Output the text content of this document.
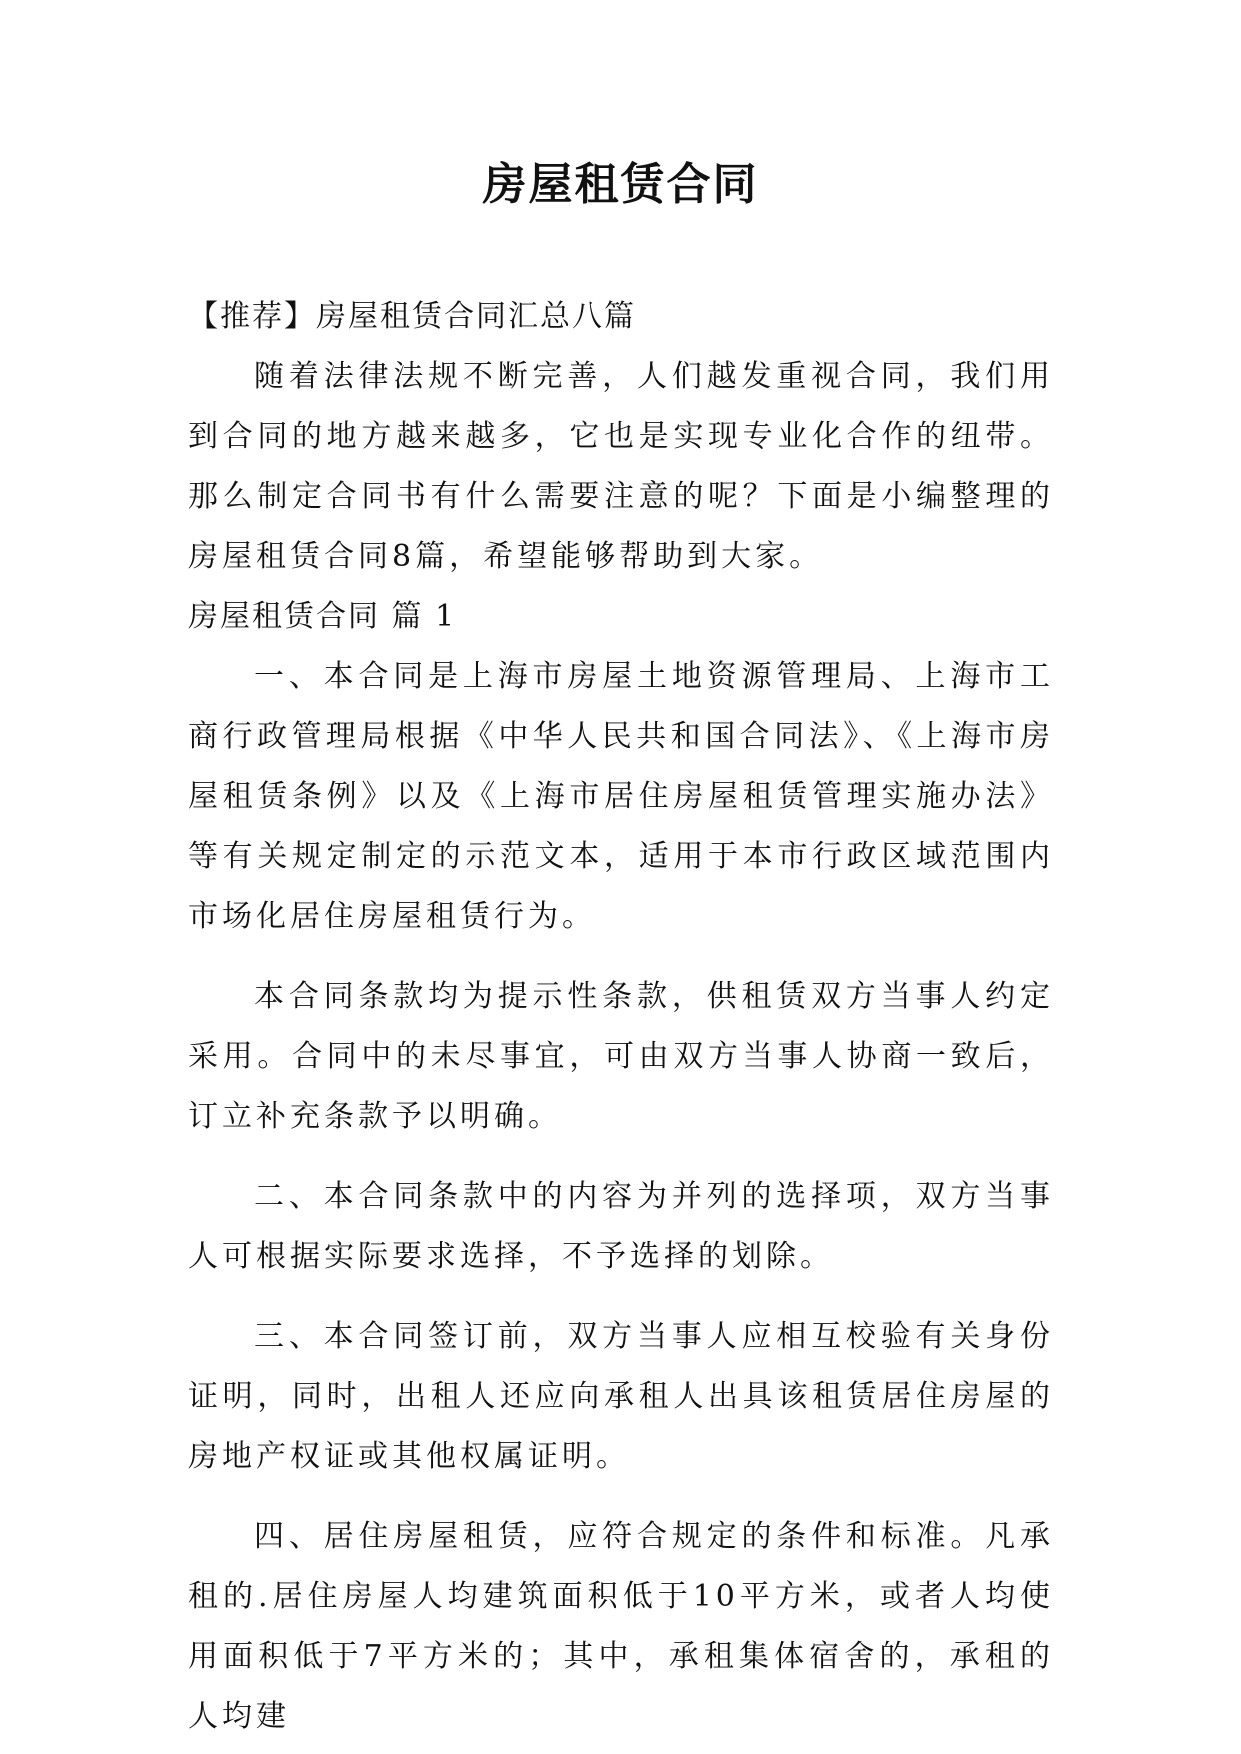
房屋租赁合同

【推荐】房屋租赁合同汇总八篇

随着法律法规不断完善，人们越发重视合同，我们用到合同的地方越来越多，它也是实现专业化合作的纽带。那么制定合同书有什么需要注意的呢？下面是小编整理的房屋租赁合同8篇，希望能够帮助到大家。

房屋租赁合同 篇 1

一、本合同是上海市房屋土地资源管理局、上海市工商行政管理局根据《中华人民共和国合同法》、《上海市房屋租赁条例》以及《上海市居住房屋租赁管理实施办法》等有关规定制定的示范文本，适用于本市行政区域范围内市场化居住房屋租赁行为。

本合同条款均为提示性条款，供租赁双方当事人约定采用。合同中的未尽事宜，可由双方当事人协商一致后，订立补充条款予以明确。

二、本合同条款中的内容为并列的选择项，双方当事人可根据实际要求选择，不予选择的划除。

三、本合同签订前，双方当事人应相互校验有关身份证明，同时，出租人还应向承租人出具该租赁居住房屋的房地产权证或其他权属证明。

四、居住房屋租赁，应符合规定的条件和标准。凡承租的.居住房屋人均建筑面积低于10平方米，或者人均使用面积低于7平方米的；其中，承租集体宿舍的，承租的人均建
